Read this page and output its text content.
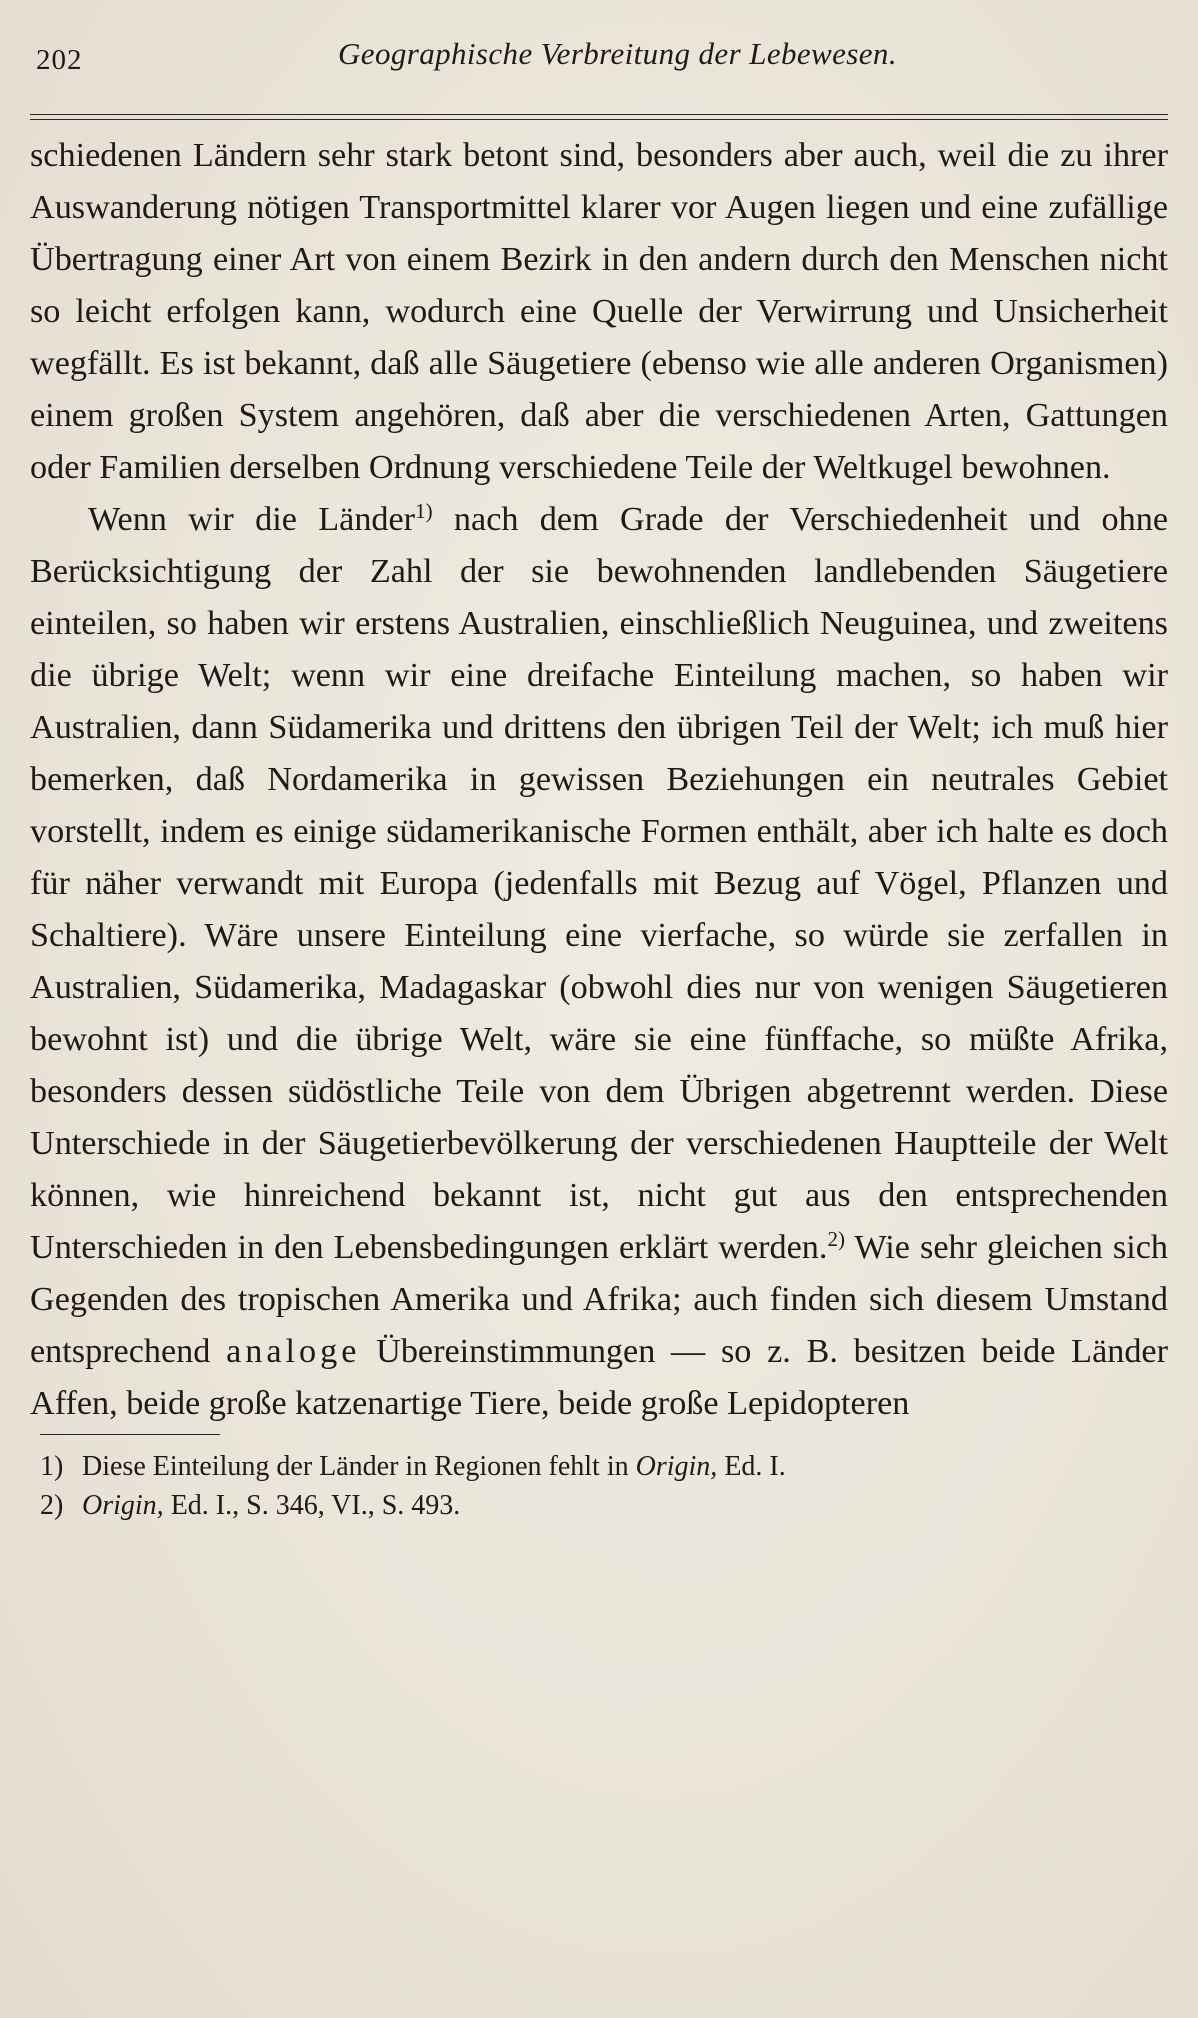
202	Geographische Verbreitung der Lebewesen.

schiedenen Ländern sehr stark betont sind, besonders aber auch, weil die zu ihrer Auswanderung nötigen Transportmittel klarer vor Augen liegen und eine zufällige Übertragung einer Art von einem Bezirk in den andern durch den Menschen nicht so leicht erfolgen kann, wodurch eine Quelle der Verwirrung und Unsicherheit wegfällt. Es ist bekannt, daß alle Säugetiere (ebenso wie alle anderen Organismen) einem großen System angehören, daß aber die verschiedenen Arten, Gattungen oder Familien derselben Ordnung verschiedene Teile der Weltkugel bewohnen.

Wenn wir die Länder$^{1)}$ nach dem Grade der Verschiedenheit und ohne Berücksichtigung der Zahl der sie bewohnenden landlebenden Säugetiere einteilen, so haben wir erstens Australien, einschließlich Neuguinea, und zweitens die übrige Welt; wenn wir eine dreifache Einteilung machen, so haben wir Australien, dann Südamerika und drittens den übrigen Teil der Welt; ich muß hier bemerken, daß Nordamerika in gewissen Beziehungen ein neutrales Gebiet vorstellt, indem es einige südamerikanische Formen enthält, aber ich halte es doch für näher verwandt mit Europa (jedenfalls mit Bezug auf Vögel, Pflanzen und Schaltiere). Wäre unsere Einteilung eine vierfache, so würde sie zerfallen in Australien, Südamerika, Madagaskar (obwohl dies nur von wenigen Säugetieren bewohnt ist) und die übrige Welt, wäre sie eine fünffache, so müßte Afrika, besonders dessen südöstliche Teile von dem Übrigen abgetrennt werden. Diese Unterschiede in der Säugetierbevölkerung der verschiedenen Hauptteile der Welt können, wie hinreichend bekannt ist, nicht gut aus den entsprechenden Unterschieden in den Lebensbedingungen erklärt werden.$^{2)}$ Wie sehr gleichen sich Gegenden des tropischen Amerika und Afrika; auch finden sich diesem Umstand entsprechend analoge Übereinstimmungen — so z. B. besitzen beide Länder Affen, beide große katzenartige Tiere, beide große Lepidopteren

1) Diese Einteilung der Länder in Regionen fehlt in Origin, Ed. I.
2) Origin, Ed. I., S. 346, VI., S. 493.
